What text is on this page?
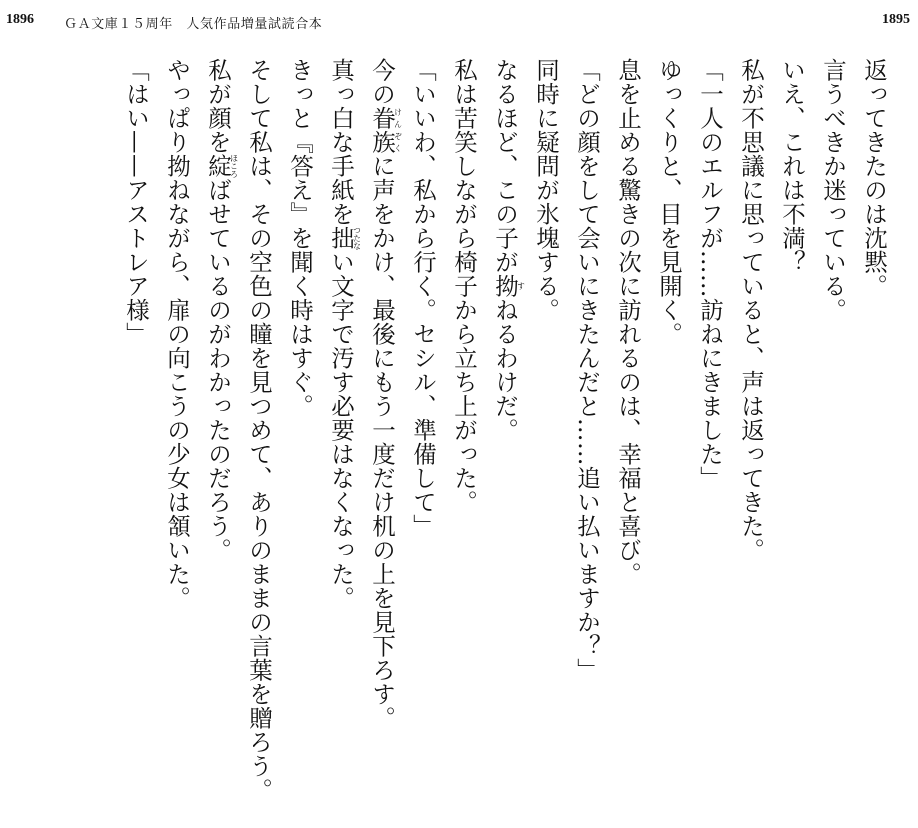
1896 ＧＡ文庫１５周年　人気作品増量試読合本	1895
返ってきたのは沈黙。
言うべきか迷っている。
いえ、これは不満？
私が不思議に思っていると、声は返ってきた。
「一人のエルフが……訪ねにきました」
ゆっくりと、目を見開く。
息を止める驚きの次に訪れるのは、幸福と喜び。
「どの顔をして会いにきたんだと……追い払いますか？」
同時に疑問が氷塊する。
なるほど、この子が拗すねるわけだ。
私は苦笑しながら椅子から立ち上がった。
「いいわ、私から行く。セシル、準備して」
今の眷族けんぞくに声をかけ、最後にもう一度だけ机の上を見下ろす。
真っ白な手紙を拙つたない文字で汚す必要はなくなった。
きっと『答え』を聞く時はすぐ。
そして私は、その空色の瞳を見つめて、ありのままの言葉を贈ろう。
私が顔を綻ほころばせているのがわかったのだろう。
やっぱり拗ねながら、扉の向こうの少女は頷いた。
「はい——アストレア様」
